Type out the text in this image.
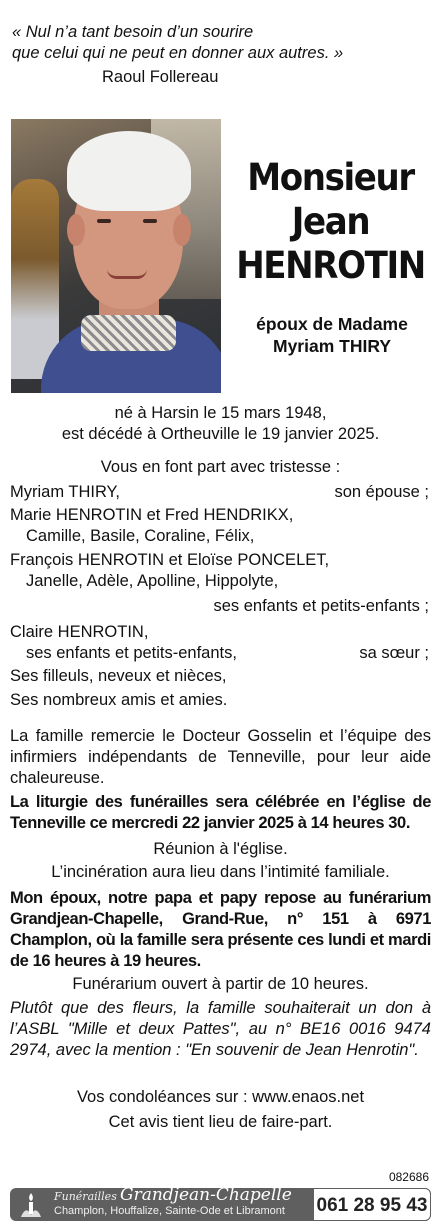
« Nul n’a tant besoin d’un sourire
que celui qui ne peut en donner aux autres. »
Raoul Follereau
Monsieur
Jean
HENROTIN
époux de Madame
Myriam THIRY
né à Harsin le 15 mars 1948,
est décédé à Ortheuville le 19 janvier 2025.
Vous en font part avec tristesse :
Myriam THIRY,	son épouse ;
Marie HENROTIN et Fred HENDRIKX,
Camille, Basile, Coraline, Félix,
François HENROTIN et Eloïse PONCELET,
Janelle, Adèle, Apolline, Hippolyte,
ses enfants et petits-enfants ;
Claire HENROTIN,
ses enfants et petits-enfants,	sa sœur ;
Ses filleuls, neveux et nièces,
Ses nombreux amis et amies.
La famille remercie le Docteur Gosselin et l’équipe des infirmiers indépendants de Tenneville, pour leur aide chaleureuse.
La liturgie des funérailles sera célébrée en l’église de Tenneville ce mercredi 22 janvier 2025 à 14 heures 30.
Réunion à l'église.
L’incinération aura lieu dans l’intimité familiale.
Mon époux, notre papa et papy repose au funérarium Grandjean-Chapelle, Grand-Rue, n° 151 à 6971 Champlon, où la famille sera présente ces lundi et mardi de 16 heures à 19 heures.
Funérarium ouvert à partir de 10 heures.
Plutôt que des fleurs, la famille souhaiterait un don à l’ASBL "Mille et deux Pattes", au n° BE16 0016 9474 2974, avec la mention : "En souvenir de Jean Henrotin".
Vos condoléances sur : www.enaos.net
Cet avis tient lieu de faire-part.
082686
Funérailles Grandjean-Chapelle
Champlon, Houffalize, Sainte-Ode et Libramont 061 28 95 43
